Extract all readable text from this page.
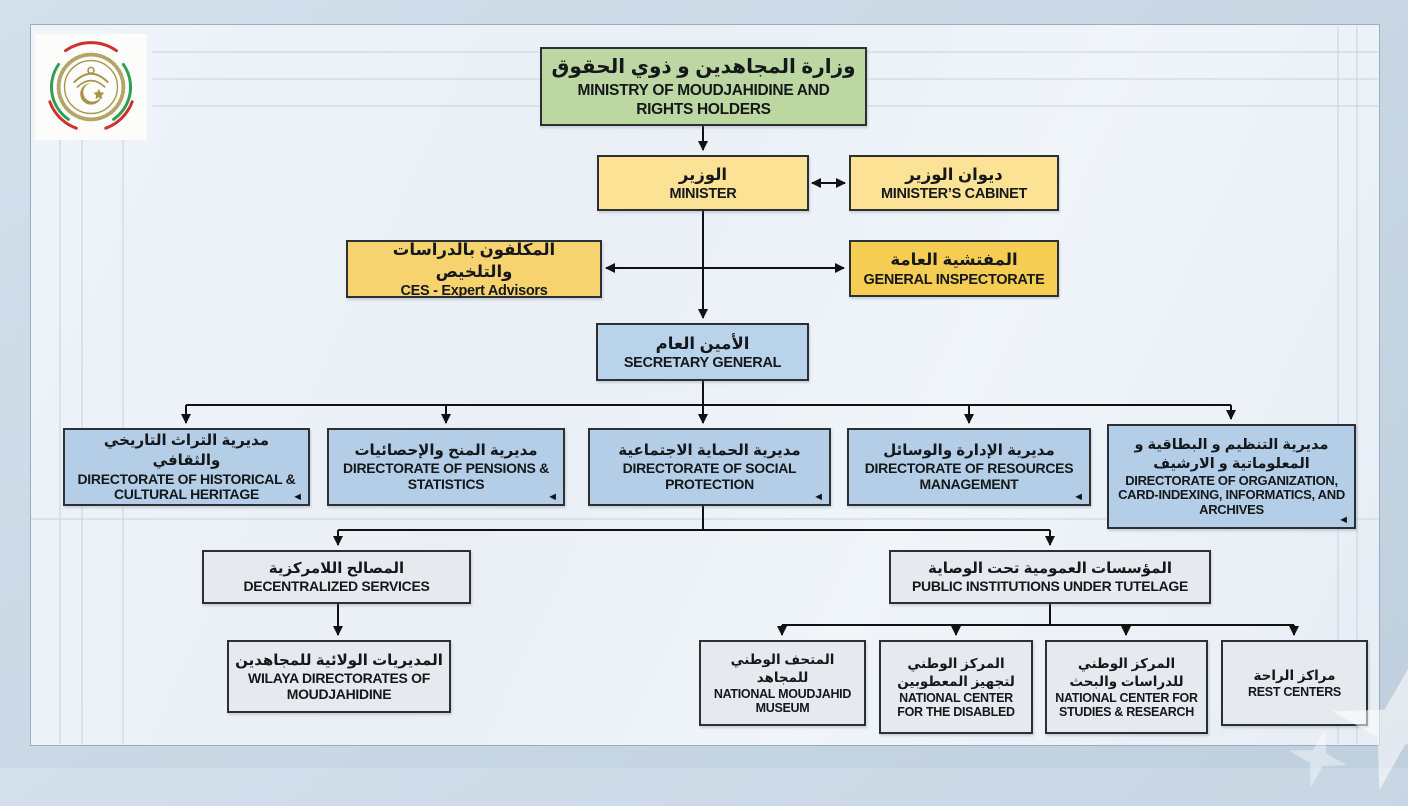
وزارة المجاهدين و ذوي الحقوق
MINISTRY OF MOUDJAHIDINE AND RIGHTS HOLDERS
الوزير
MINISTER
ديوان الوزير
MINISTER’S CABINET
المكلفون بالدراسات والتلخيص
CES - Expert Advisors
المفتشية العامة
GENERAL INSPECTORATE
الأمين العام
SECRETARY GENERAL
مديرية التراث التاريخي والثقافي
DIRECTORATE OF HISTORICAL & CULTURAL HERITAGE	◄
مديرية المنح والإحصائيات
DIRECTORATE OF PENSIONS & STATISTICS
◄
مديرية الحماية الاجتماعية
DIRECTORATE OF SOCIAL PROTECTION
◄
مديرية الإدارة والوسائل
DIRECTORATE OF RESOURCES MANAGEMENT
◄
مديرية التنظيم و البطاقية و المعلوماتية و الارشيف
DIRECTORATE OF ORGANIZATION, CARD-INDEXING, INFORMATICS, AND ARCHIVES
◄
المصالح اللامركزية
DECENTRALIZED SERVICES
المؤسسات العمومية تحت الوصاية
PUBLIC INSTITUTIONS UNDER TUTELAGE
المديريات الولائية للمجاهدين
WILAYA DIRECTORATES OF MOUDJAHIDINE
المتحف الوطني للمجاهد
NATIONAL MOUDJAHID MUSEUM
المركز الوطني لتجهيز المعطوبين
NATIONAL CENTER FOR THE DISABLED
المركز الوطني للدراسات والبحث
NATIONAL CENTER FOR STUDIES & RESEARCH
مراكز الراحة
REST CENTERS
